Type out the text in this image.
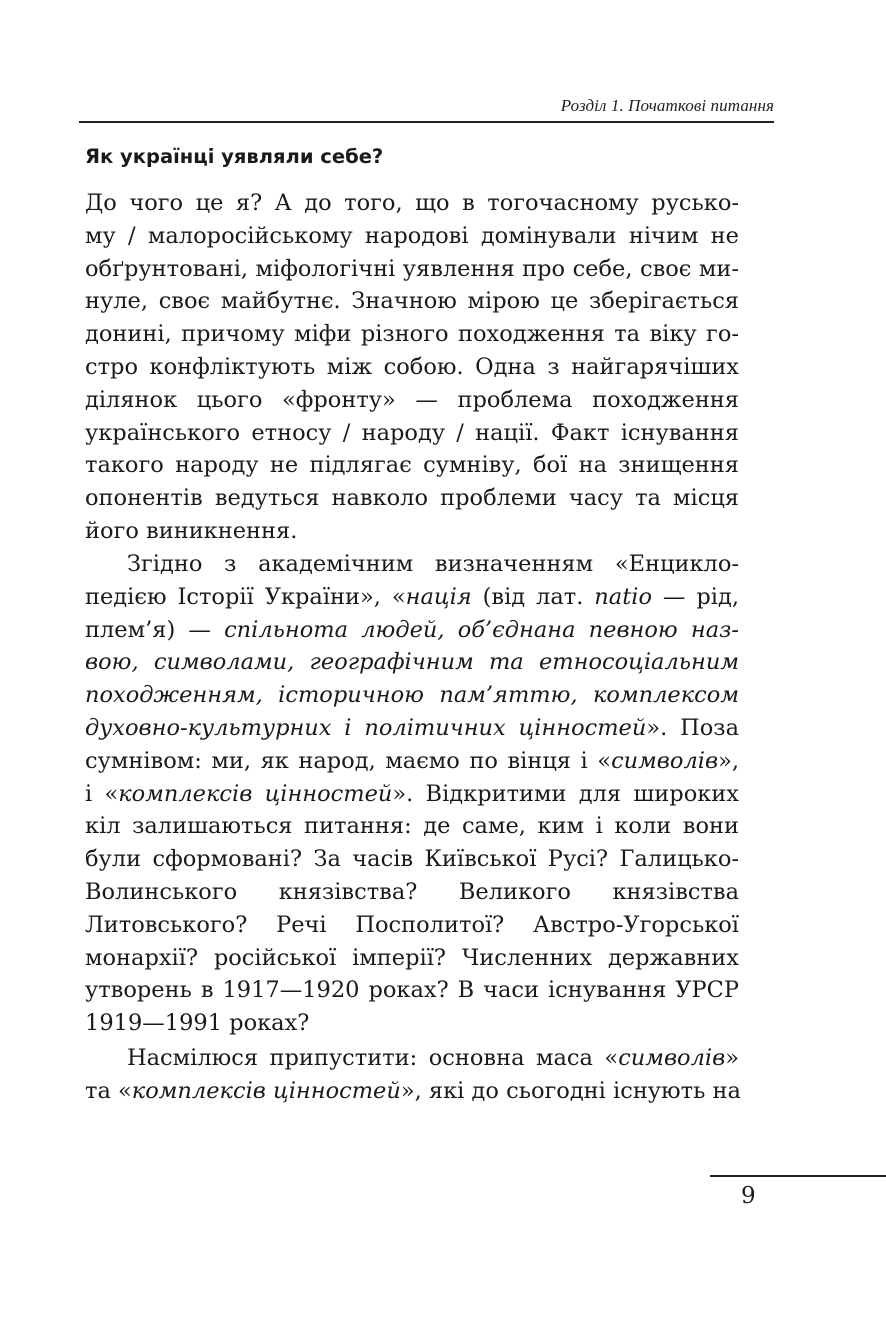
Розділ 1. Початкові питання
Як українці уявляли себе?
До чого це я? А до того, що в тогочасному русько-
му / малоросійському народові домінували нічим не
обґрунтовані, міфологічні уявлення про себе, своє ми-
нуле, своє майбутнє. Значною мірою це зберігається
донині, причому міфи різного походження та віку го-
стро конфліктують між собою. Одна з найгарячіших
ділянок цього «фронту» — проблема походження
українського етносу / народу / нації. Факт існування
такого народу не підлягає сумніву, бої на знищення
опонентів ведуться навколо проблеми часу та місця
його виникнення.
Згідно з академічним визначенням «Енцикло-
педією Історії України», «нація (від лат. natio — рід,
плем’я) — спільнота людей, об’єднана певною наз-
вою, символами, географічним та етносоціальним
походженням, історичною пам’яттю, комплексом
духовно-культурних і політичних цінностей». Поза
сумнівом: ми, як народ, маємо по вінця і «символів»,
і «комплексів цінностей». Відкритими для широких
кіл залишаються питання: де саме, ким і коли вони
були сформовані? За часів Київської Русі? Галицько-
Волинського князівства? Великого князівства
Литовського? Речі Посполитої? Австро-Угорської
монархії? російської імперії? Численних державних
утворень в 1917—1920 роках? В часи існування УРСР
1919—1991 роках?
Насмілюся припустити: основна маса «символів»
та «комплексів цінностей», які до сьогодні існують на
9
